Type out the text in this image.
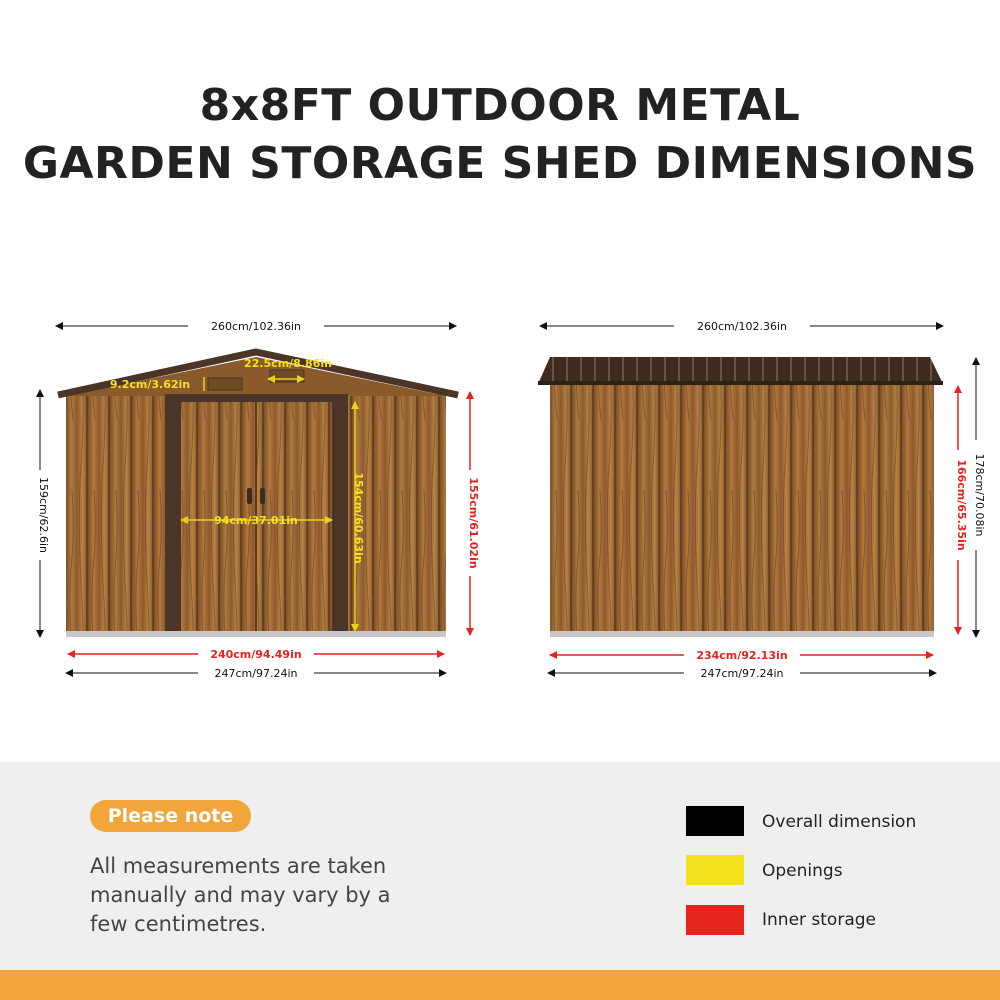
8x8FT OUTDOOR METAL
GARDEN STORAGE SHED DIMENSIONS
260cm/102.36in
159cm/62.6in	155cm/61.02in
154cm/60.63in
94cm/37.01in
22.5cm/8.86in
9.2cm/3.62in
240cm/94.49in
247cm/97.24in
260cm/102.36in
178cm/70.08in
166cm/65.35in
234cm/92.13in
247cm/97.24in
Please note
All measurements are taken manually and may vary by a few centimetres.
Overall dimension
Openings
Inner storage
